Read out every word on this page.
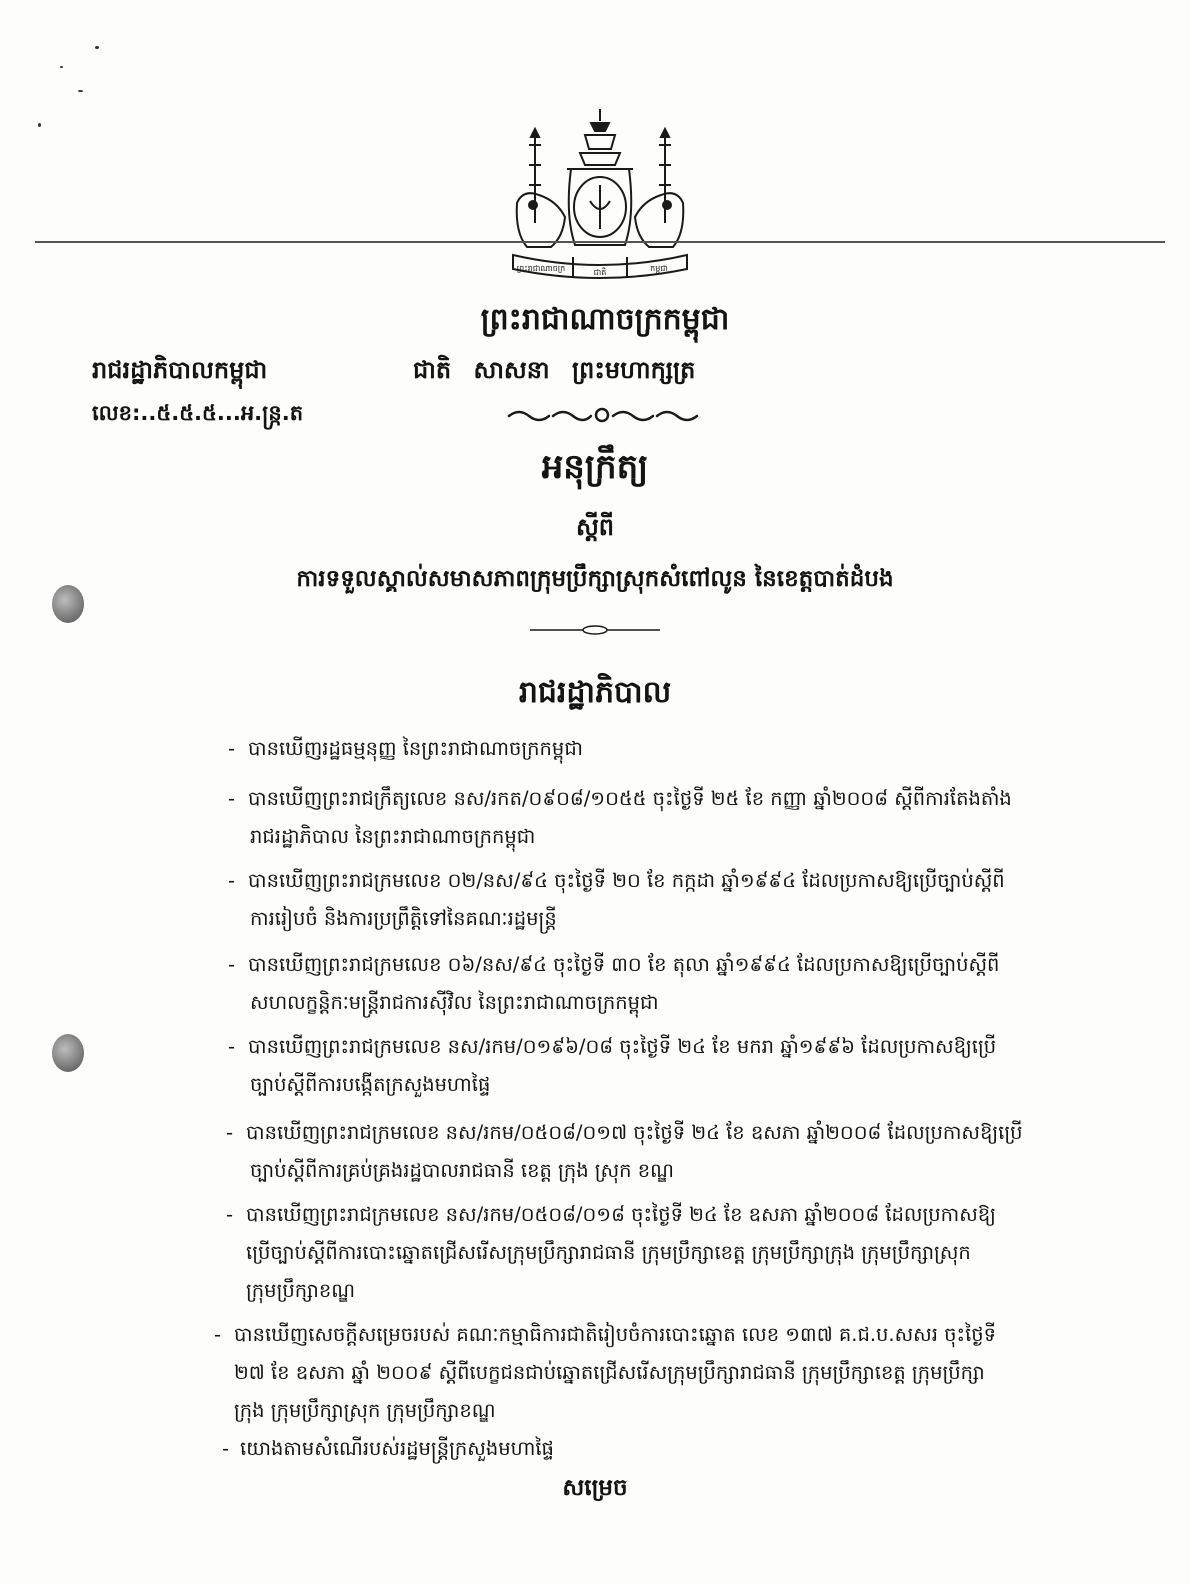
ព្រះរាជាណាចក្រ	ជាតិ	កម្ពុជា
ព្រះរាជាណាចក្រកម្ពុជា
រាជរដ្ឋាភិបាលកម្ពុជា	ជាតិ សាសនា ព្រះមហាក្សត្រ
លេខ:..៥.៥.៥...អ.ន្ក្រ.ត
អនុក្រឹត្យ
ស្តីពី
ការទទួលស្គាល់សមាសភាពក្រុមប្រឹក្សាស្រុកសំពៅលូន នៃខេត្តបាត់ដំបង
រាជរដ្ឋាភិបាល
- បានឃើញរដ្ឋធម្មនុញ្ញ នៃព្រះរាជាណាចក្រកម្ពុជា
- បានឃើញព្រះរាជក្រឹត្យលេខ នស/រកត/០៩០៨/១០៥៥ ចុះថ្ងៃទី ២៥ ខែ កញ្ញា ឆ្នាំ២០០៨ ស្តីពីការតែងតាំង
រាជរដ្ឋាភិបាល នៃព្រះរាជាណាចក្រកម្ពុជា
- បានឃើញព្រះរាជក្រមលេខ ០២/នស/៩៤ ចុះថ្ងៃទី ២០ ខែ កក្កដា ឆ្នាំ១៩៩៤ ដែលប្រកាសឱ្យប្រើច្បាប់ស្តីពី
ការរៀបចំ និងការប្រព្រឹត្តិទៅនៃគណៈរដ្ឋមន្ត្រី
- បានឃើញព្រះរាជក្រមលេខ ០៦/នស/៩៤ ចុះថ្ងៃទី ៣០ ខែ តុលា ឆ្នាំ១៩៩៤ ដែលប្រកាសឱ្យប្រើច្បាប់ស្តីពី
សហលក្ខន្តិកៈមន្ត្រីរាជការស៊ីវិល នៃព្រះរាជាណាចក្រកម្ពុជា
- បានឃើញព្រះរាជក្រមលេខ នស/រកម/០១៩៦/០៨ ចុះថ្ងៃទី ២៤ ខែ មករា ឆ្នាំ១៩៩៦ ដែលប្រកាសឱ្យប្រើ
ច្បាប់ស្តីពីការបង្កើតក្រសួងមហាផ្ទៃ
- បានឃើញព្រះរាជក្រមលេខ នស/រកម/០៥០៨/០១៧ ចុះថ្ងៃទី ២៤ ខែ ឧសភា ឆ្នាំ២០០៨ ដែលប្រកាសឱ្យប្រើ
ច្បាប់ស្តីពីការគ្រប់គ្រងរដ្ឋបាលរាជធានី ខេត្ត ក្រុង ស្រុក ខណ្ឌ
- បានឃើញព្រះរាជក្រមលេខ នស/រកម/០៥០៨/០១៨ ចុះថ្ងៃទី ២៤ ខែ ឧសភា ឆ្នាំ២០០៨ ដែលប្រកាសឱ្យ
ប្រើច្បាប់ស្តីពីការបោះឆ្នោតជ្រើសរើសក្រុមប្រឹក្សារាជធានី ក្រុមប្រឹក្សាខេត្ត ក្រុមប្រឹក្សាក្រុង ក្រុមប្រឹក្សាស្រុក
ក្រុមប្រឹក្សាខណ្ឌ
- បានឃើញសេចក្តីសម្រេចរបស់ គណៈកម្មាធិការជាតិរៀបចំការបោះឆ្នោត លេខ ១៣៧ គ.ជ.ប.សសរ ចុះថ្ងៃទី
២៧ ខែ ឧសភា ឆ្នាំ ២០០៩ ស្តីពីបេក្ខជនជាប់ឆ្នោតជ្រើសរើសក្រុមប្រឹក្សារាជធានី ក្រុមប្រឹក្សាខេត្ត ក្រុមប្រឹក្សា
ក្រុង ក្រុមប្រឹក្សាស្រុក ក្រុមប្រឹក្សាខណ្ឌ
- យោងតាមសំណើរបស់រដ្ឋមន្ត្រីក្រសួងមហាផ្ទៃ
សម្រេច
